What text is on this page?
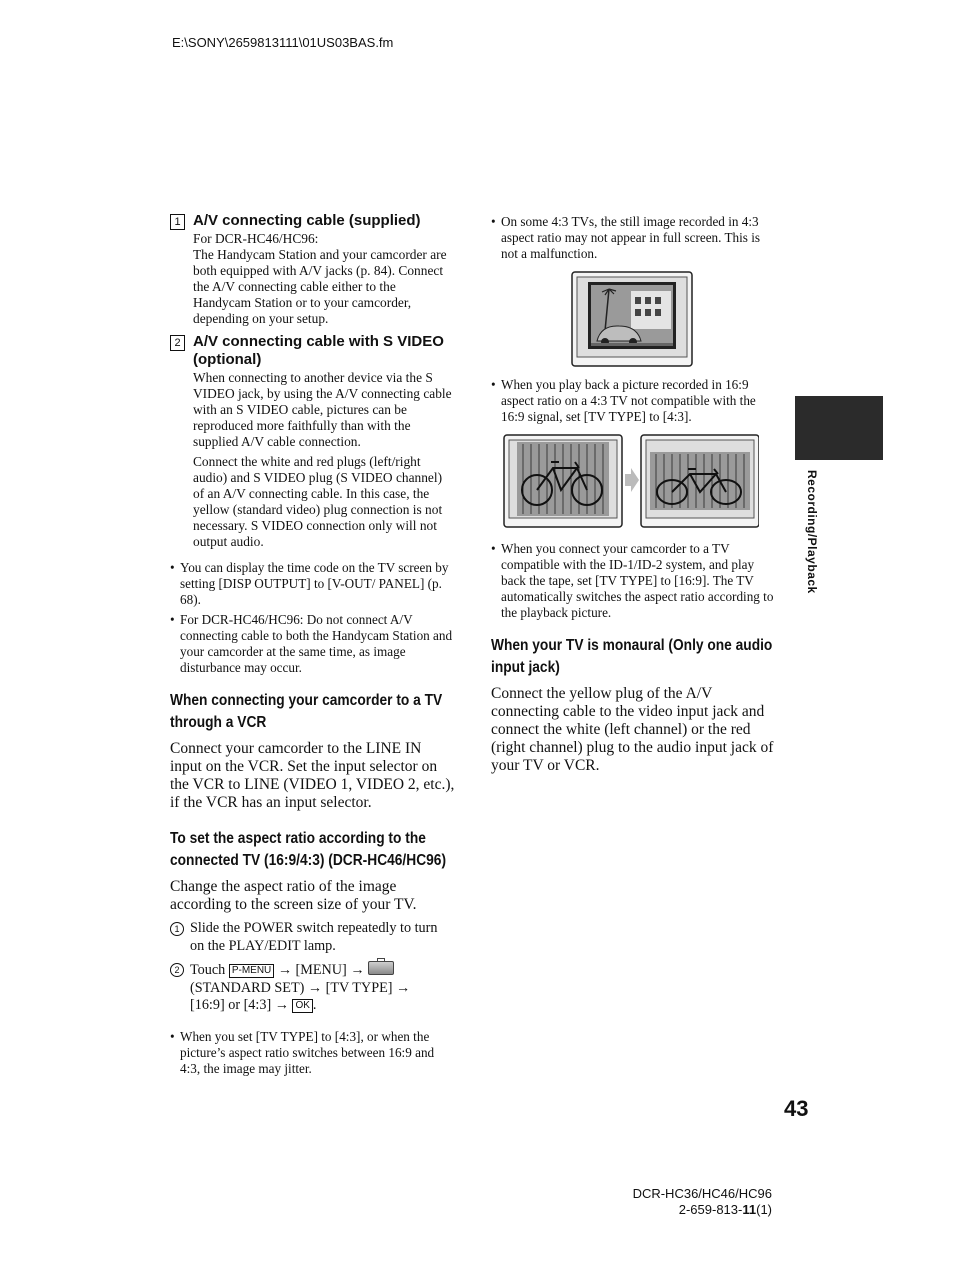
E:\SONY\2659813111\01US03BAS.fm
1 A/V connecting cable (supplied)

For DCR-HC46/HC96:

The Handycam Station and your camcorder are both equipped with A/V jacks (p. 84). Connect the A/V connecting cable either to the Handycam Station or to your camcorder, depending on your setup.

2 A/V connecting cable with S VIDEO (optional)

When connecting to another device via the S VIDEO jack, by using the A/V connecting cable with an S VIDEO cable, pictures can be reproduced more faithfully than with the supplied A/V cable connection.

Connect the white and red plugs (left/right audio) and S VIDEO plug (S VIDEO channel) of an A/V connecting cable. In this case, the yellow (standard video) plug connection is not necessary. S VIDEO connection only will not output audio.

• You can display the time code on the TV screen by setting [DISP OUTPUT] to [V-OUT/ PANEL] (p. 68).
• For DCR-HC46/HC96: Do not connect A/V connecting cable to both the Handycam Station and your camcorder at the same time, as image disturbance may occur.
When connecting your camcorder to a TV through a VCR

Connect your camcorder to the LINE IN input on the VCR. Set the input selector on the VCR to LINE (VIDEO 1, VIDEO 2, etc.), if the VCR has an input selector.

To set the aspect ratio according to the connected TV (16:9/4:3) (DCR-HC46/HC96)

Change the aspect ratio of the image according to the screen size of your TV.

1 Slide the POWER switch repeatedly to turn on the PLAY/EDIT lamp.
2 Touch P-MENU → [MENU] →
(STANDARD SET) → [TV TYPE] →
[16:9] or [4:3] → OK .
• When you set [TV TYPE] to [4:3], or when the picture’s aspect ratio switches between 16:9 and 4:3, the image may jitter.
• On some 4:3 TVs, the still image recorded in 4:3 aspect ratio may not appear in full screen. This is not a malfunction.
• When you play back a picture recorded in 16:9 aspect ratio on a 4:3 TV not compatible with the 16:9 signal, set [TV TYPE] to [4:3].
• When you connect your camcorder to a TV compatible with the ID-1/ID-2 system, and play back the tape, set [TV TYPE] to [16:9]. The TV automatically switches the aspect ratio according to the playback picture.
When your TV is monaural (Only one audio input jack)

Connect the yellow plug of the A/V connecting cable to the video input jack and connect the white (left channel) or the red (right channel) plug to the audio input jack of your TV or VCR.

Recording/Playback
43
DCR-HC36/HC46/HC96
2-659-813-11(1)
